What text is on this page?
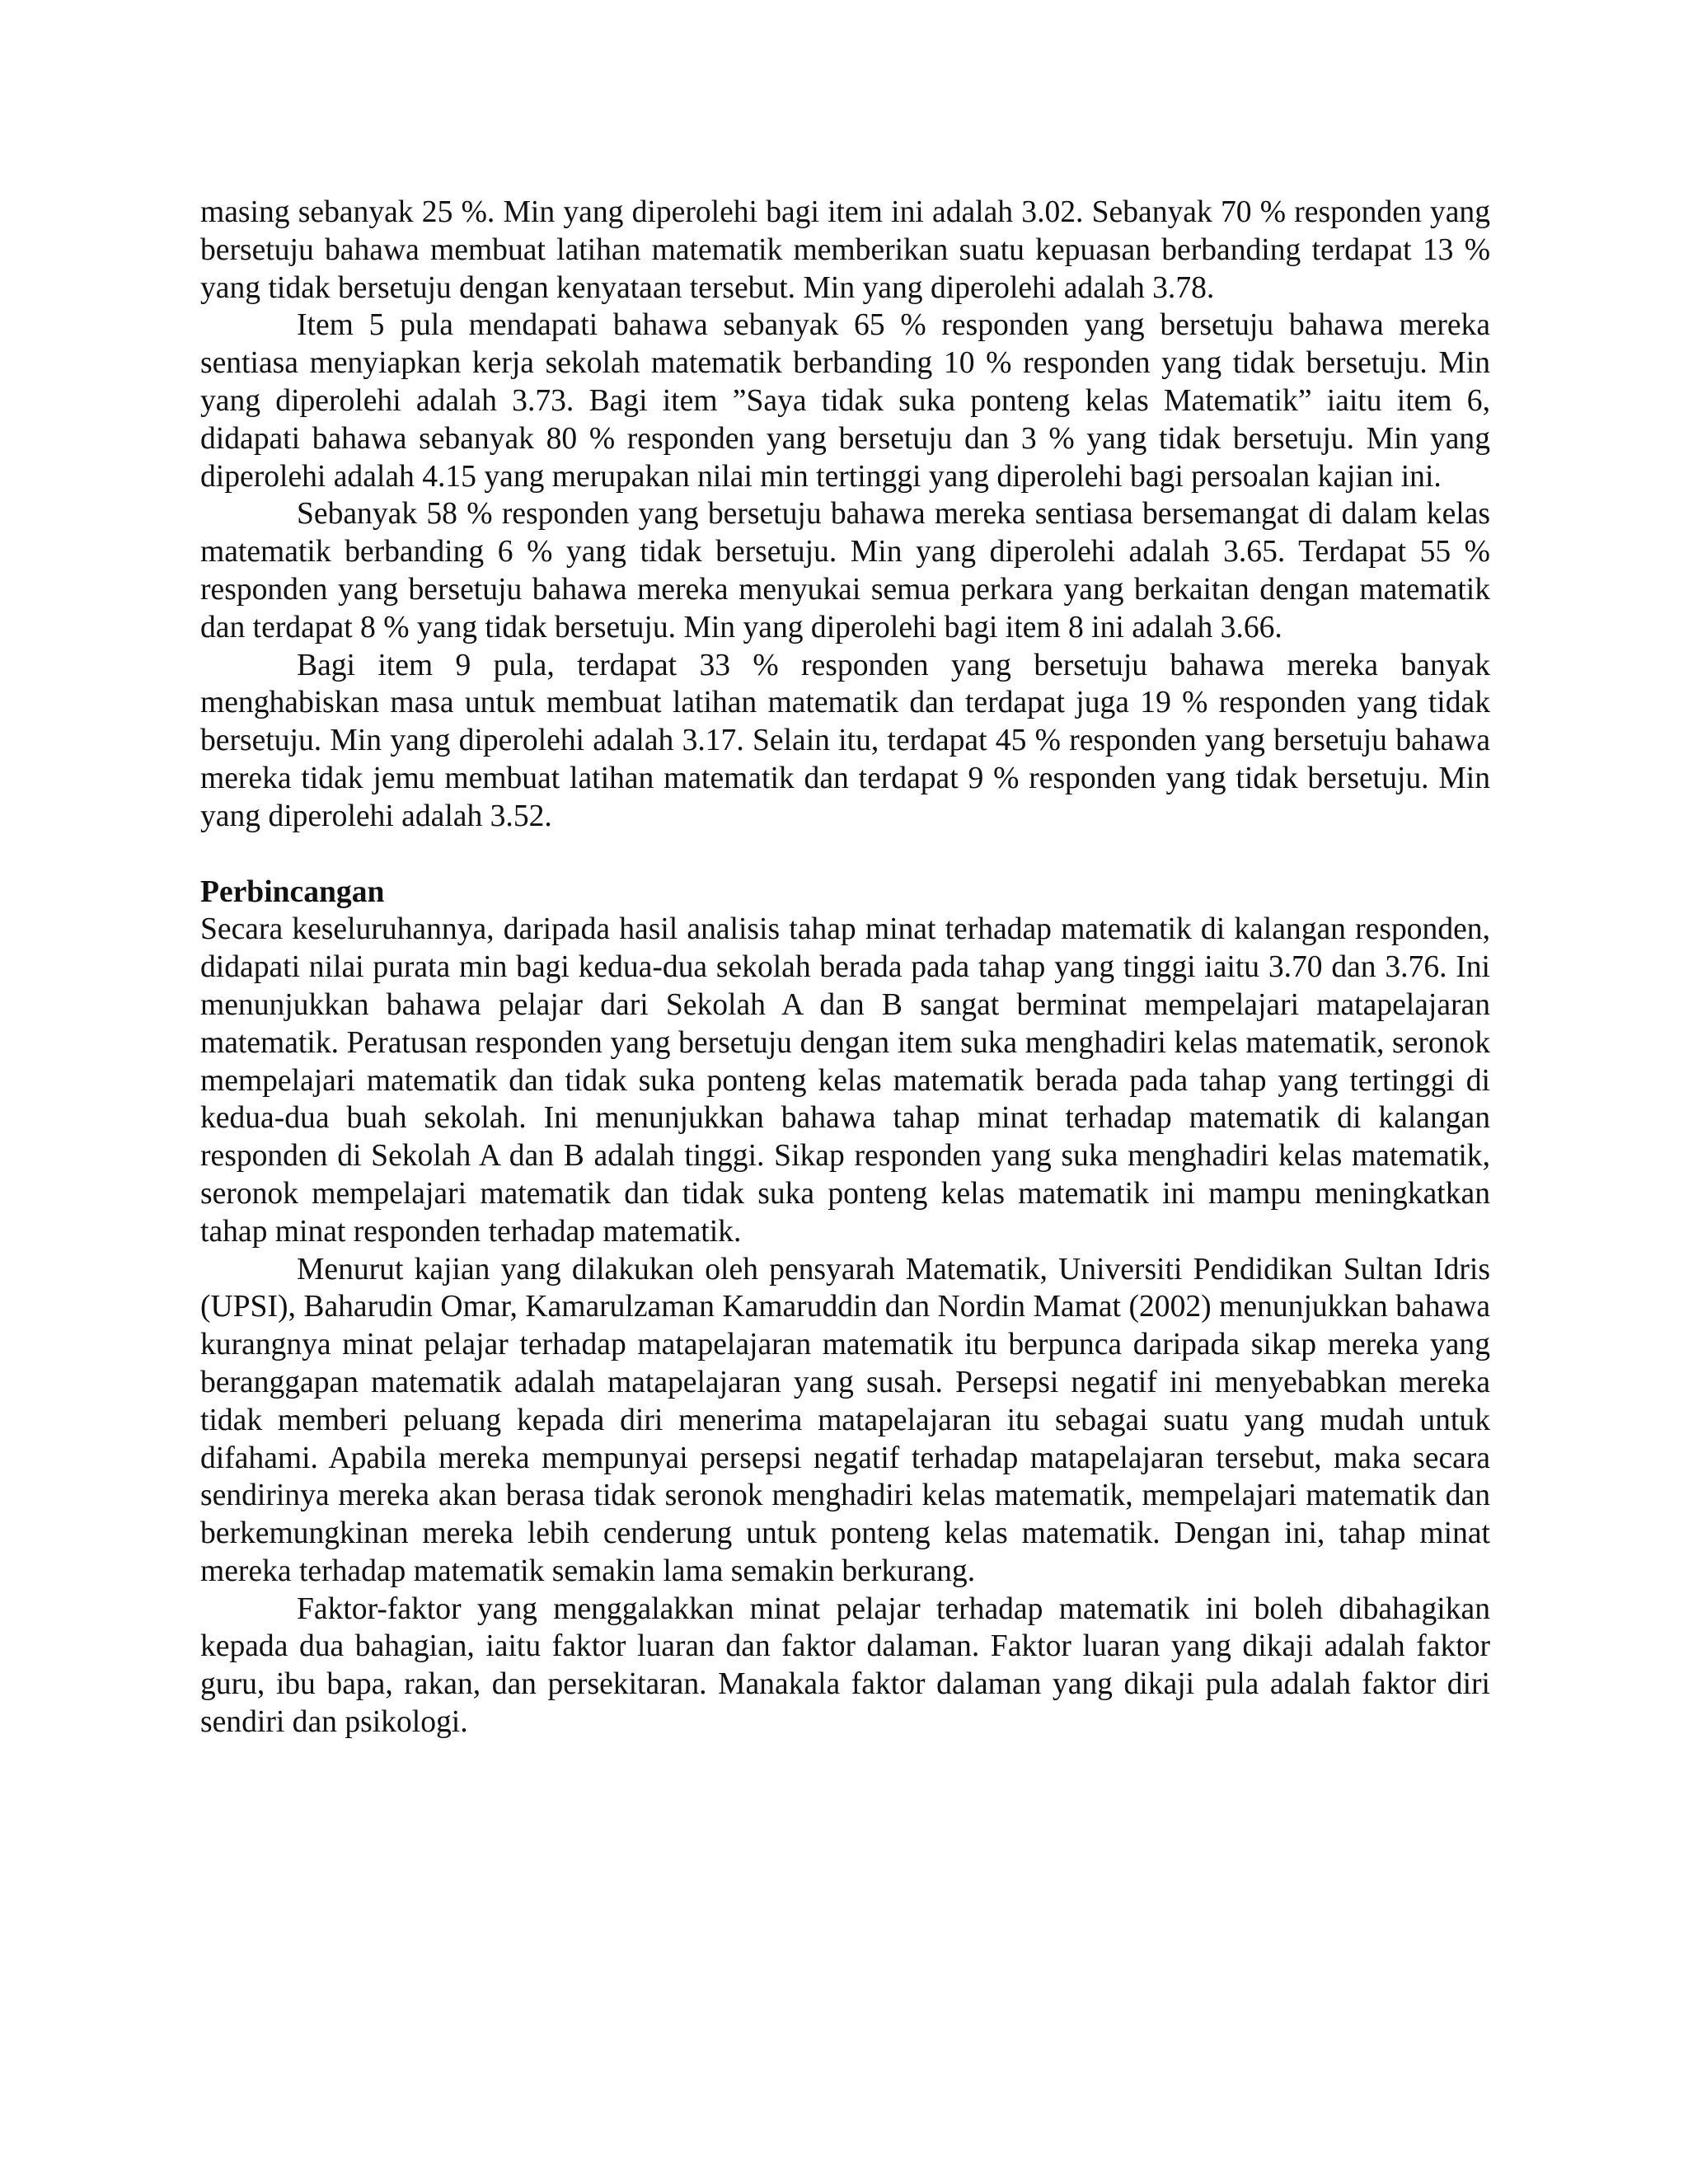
masing sebanyak 25 %. Min yang diperolehi bagi item ini adalah 3.02. Sebanyak 70 % responden yang bersetuju bahawa membuat latihan matematik memberikan suatu kepuasan berbanding terdapat 13 % yang tidak bersetuju dengan kenyataan tersebut. Min yang diperolehi adalah 3.78.

Item 5 pula mendapati bahawa sebanyak 65 % responden yang bersetuju bahawa mereka sentiasa menyiapkan kerja sekolah matematik berbanding 10 % responden yang tidak bersetuju. Min yang diperolehi adalah 3.73. Bagi item ”Saya tidak suka ponteng kelas Matematik” iaitu item 6, didapati bahawa sebanyak 80 % responden yang bersetuju dan 3 % yang tidak bersetuju. Min yang diperolehi adalah 4.15 yang merupakan nilai min tertinggi yang diperolehi bagi persoalan kajian ini.

Sebanyak 58 % responden yang bersetuju bahawa mereka sentiasa bersemangat di dalam kelas matematik berbanding 6 % yang tidak bersetuju. Min yang diperolehi adalah 3.65. Terdapat 55 % responden yang bersetuju bahawa mereka menyukai semua perkara yang berkaitan dengan matematik dan terdapat 8 % yang tidak bersetuju. Min yang diperolehi bagi item 8 ini adalah 3.66.

Bagi item 9 pula, terdapat 33 % responden yang bersetuju bahawa mereka banyak menghabiskan masa untuk membuat latihan matematik dan terdapat juga 19 % responden yang tidak bersetuju. Min yang diperolehi adalah 3.17. Selain itu, terdapat 45 % responden yang bersetuju bahawa mereka tidak jemu membuat latihan matematik dan terdapat 9 % responden yang tidak bersetuju. Min yang diperolehi adalah 3.52.

Perbincangan

Secara keseluruhannya, daripada hasil analisis tahap minat terhadap matematik di kalangan responden, didapati nilai purata min bagi kedua-dua sekolah berada pada tahap yang tinggi iaitu 3.70 dan 3.76. Ini menunjukkan bahawa pelajar dari Sekolah A dan B sangat berminat mempelajari matapelajaran matematik. Peratusan responden yang bersetuju dengan item suka menghadiri kelas matematik, seronok mempelajari matematik dan tidak suka ponteng kelas matematik berada pada tahap yang tertinggi di kedua-dua buah sekolah. Ini menunjukkan bahawa tahap minat terhadap matematik di kalangan responden di Sekolah A dan B adalah tinggi. Sikap responden yang suka menghadiri kelas matematik, seronok mempelajari matematik dan tidak suka ponteng kelas matematik ini mampu meningkatkan tahap minat responden terhadap matematik.

Menurut kajian yang dilakukan oleh pensyarah Matematik, Universiti Pendidikan Sultan Idris (UPSI), Baharudin Omar, Kamarulzaman Kamaruddin dan Nordin Mamat (2002) menunjukkan bahawa kurangnya minat pelajar terhadap matapelajaran matematik itu berpunca daripada sikap mereka yang beranggapan matematik adalah matapelajaran yang susah. Persepsi negatif ini menyebabkan mereka tidak memberi peluang kepada diri menerima matapelajaran itu sebagai suatu yang mudah untuk difahami. Apabila mereka mempunyai persepsi negatif terhadap matapelajaran tersebut, maka secara sendirinya mereka akan berasa tidak seronok menghadiri kelas matematik, mempelajari matematik dan berkemungkinan mereka lebih cenderung untuk ponteng kelas matematik. Dengan ini, tahap minat mereka terhadap matematik semakin lama semakin berkurang.

Faktor-faktor yang menggalakkan minat pelajar terhadap matematik ini boleh dibahagikan kepada dua bahagian, iaitu faktor luaran dan faktor dalaman. Faktor luaran yang dikaji adalah faktor guru, ibu bapa, rakan, dan persekitaran. Manakala faktor dalaman yang dikaji pula adalah faktor diri sendiri dan psikologi.
